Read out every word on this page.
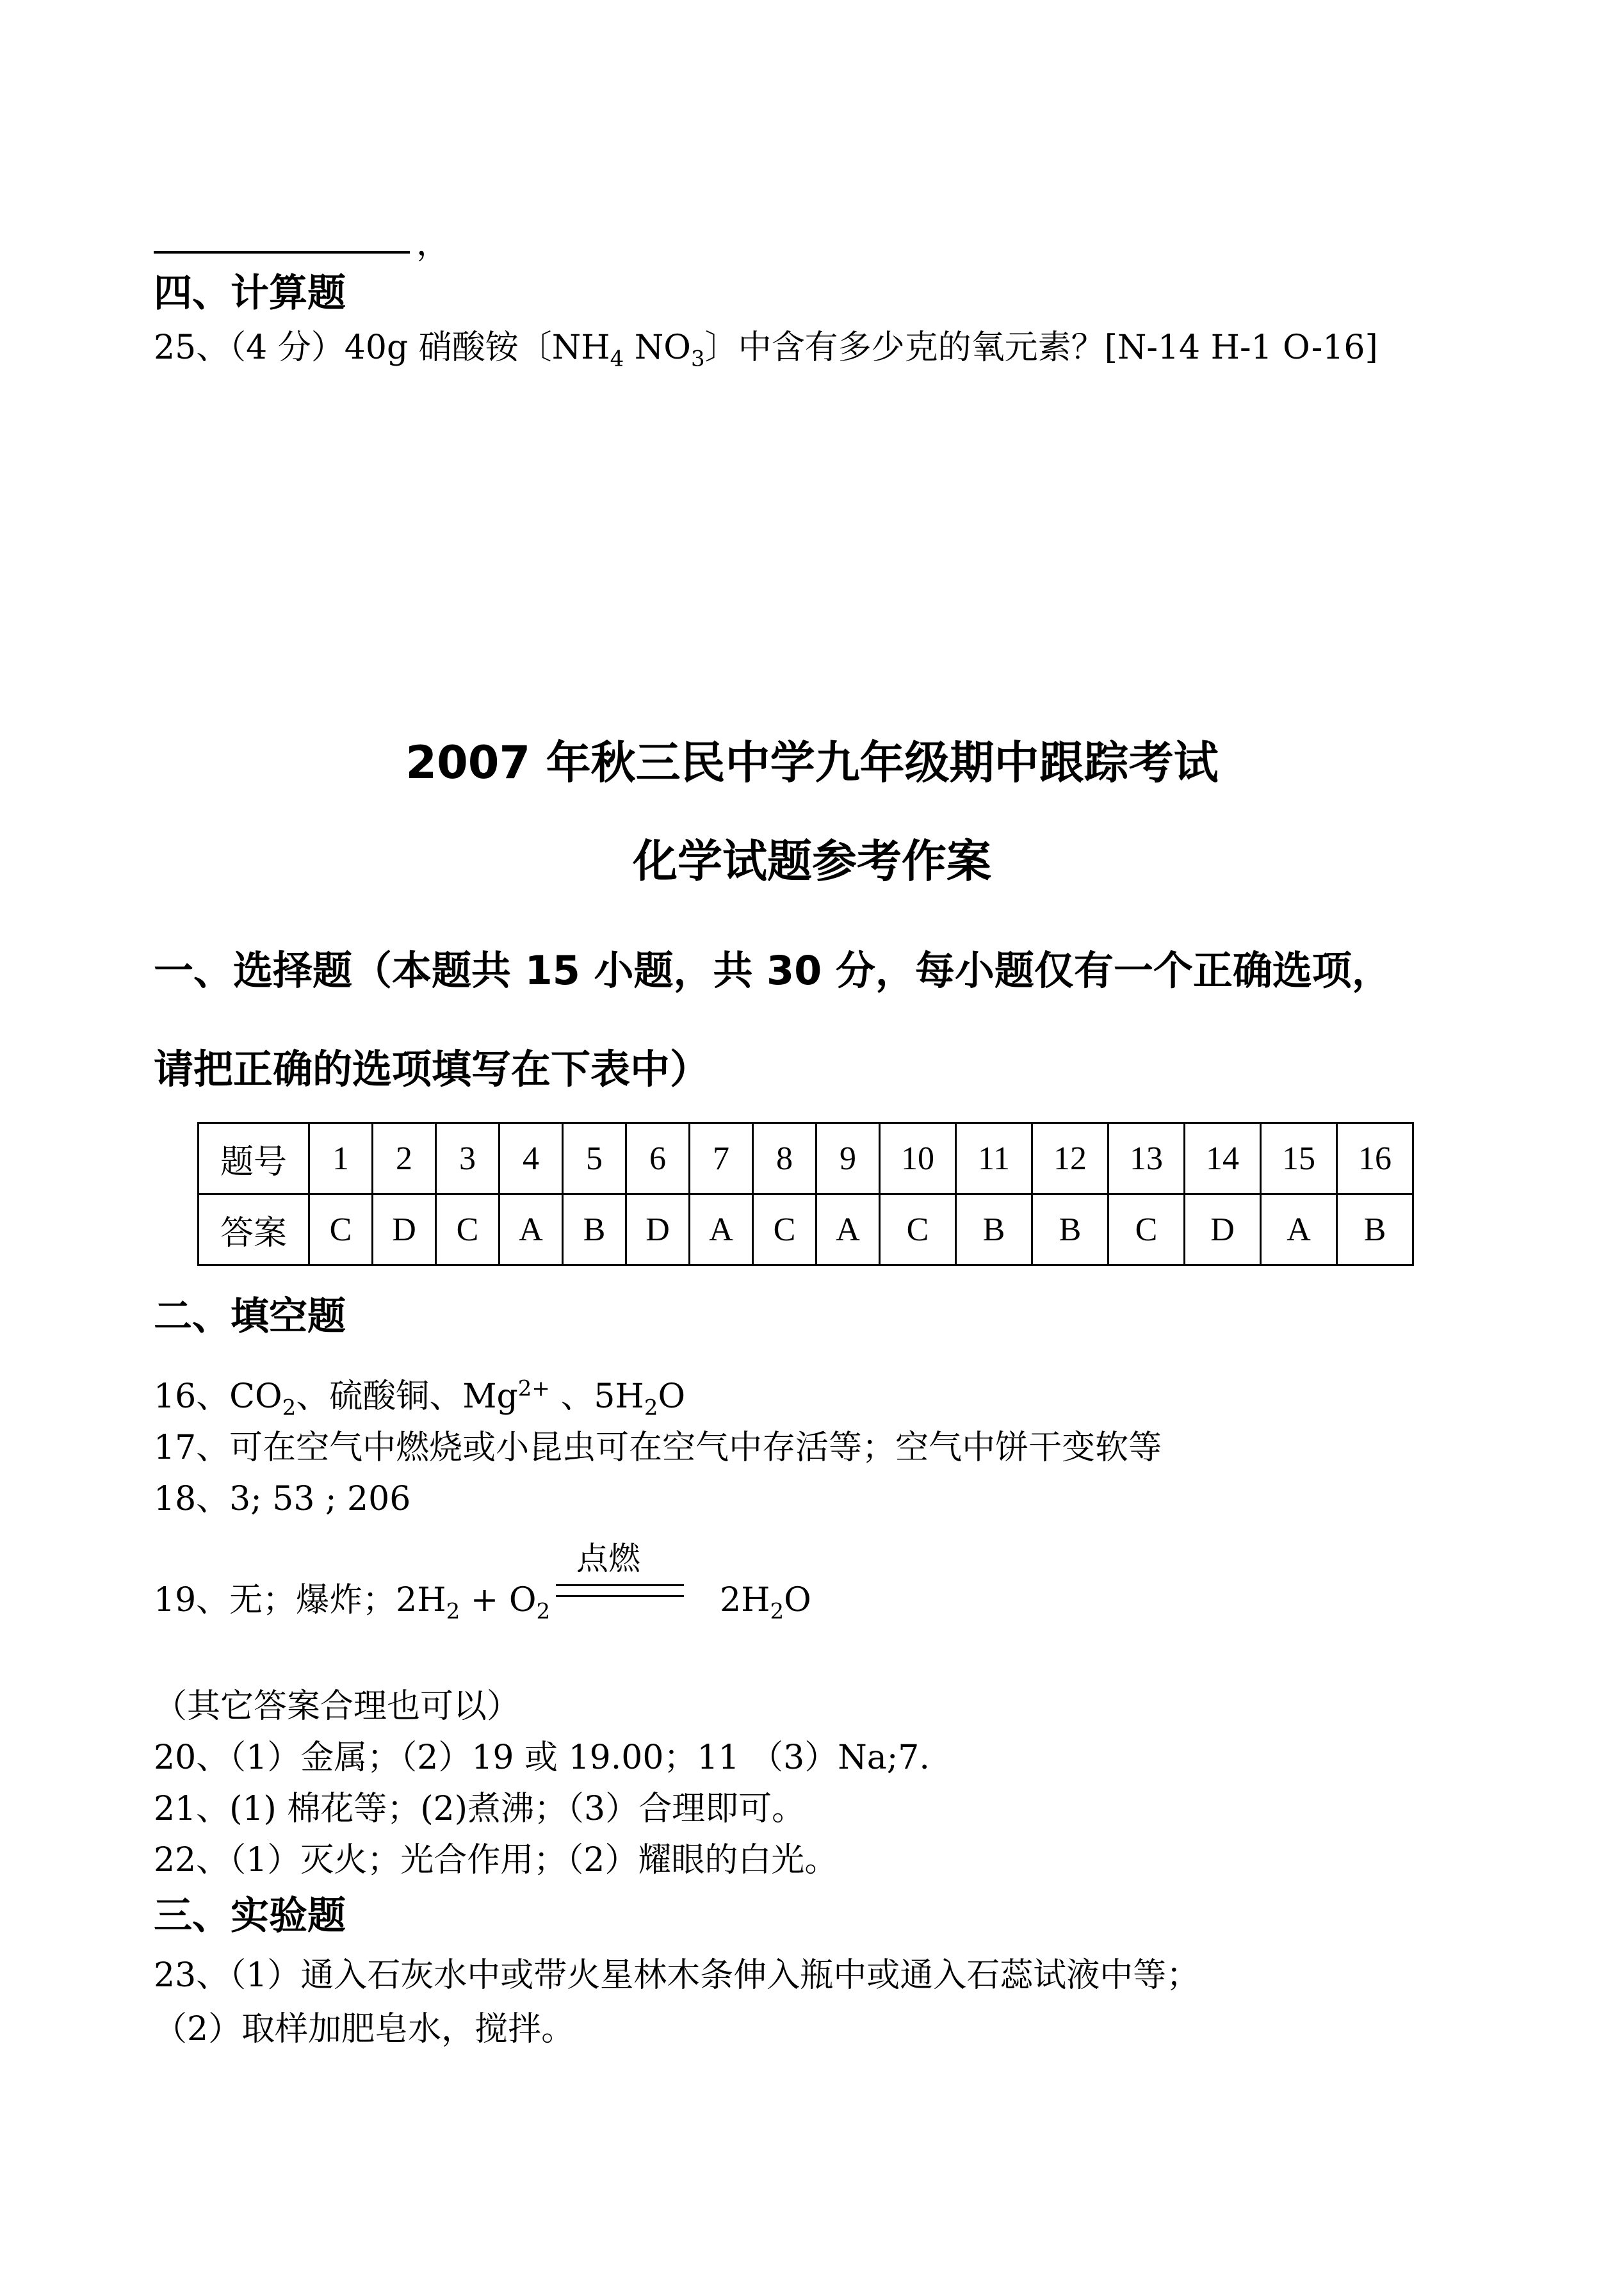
，
四、计算题
25、（4 分）40g 硝酸铵〔$NH_4$ $NO_3$〕中含有多少克的氧元素？[N-14 H-1 O-16]
2007 年秋三民中学九年级期中跟踪考试
化学试题参考作案
一、选择题（本题共 15 小题，共 30 分，每小题仅有一个正确选项，
请把正确的选项填写在下表中）
题号	1	2	3	4	5	6	7	8	9	10	11	12	13	14	15	16
答案	C	D	C	A	B	D	A	C	A	C	B	B	C	D	A	B
二、填空题
16、$CO_2$、硫酸铜、$Mg^{2+}$ 、$5H_2O$
17、可在空气中燃烧或小昆虫可在空气中存活等；空气中饼干变软等
18、3; 53 ; 206
19、无；爆炸；$2H_2 + O_2$
点燃
$2H_2O$
（其它答案合理也可以）
20、（1）金属；（2）19 或 19.00；11 （3）Na;7.
21、(1) 棉花等；(2)煮沸；（3）合理即可。
22、（1）灭火；光合作用；（2）耀眼的白光。
三、实验题
23、（1）通入石灰水中或带火星林木条伸入瓶中或通入石蕊试液中等；
（2）取样加肥皂水，搅拌。
